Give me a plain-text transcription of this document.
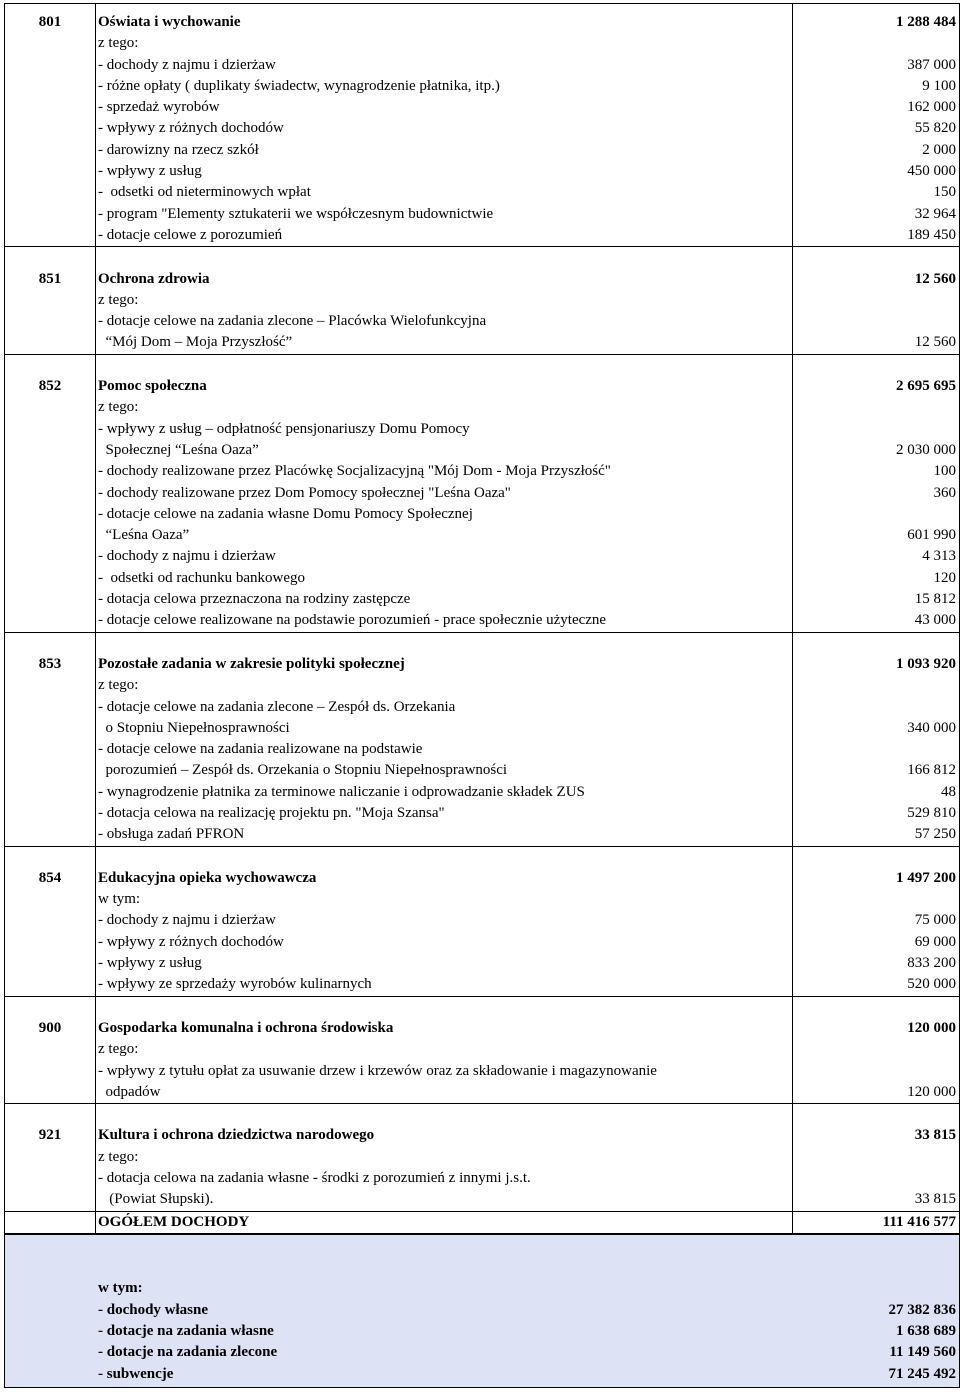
801	Oświata i wychowanie	1 288 484
z tego:
- dochody z najmu i dzierżaw	387 000
- różne opłaty ( duplikaty świadectw, wynagrodzenie płatnika, itp.)	9 100
- sprzedaż wyrobów	162 000
- wpływy z różnych dochodów	55 820
- darowizny na rzecz szkół	2 000
- wpływy z usług	450 000
-  odsetki od nieterminowych wpłat	150
- program "Elementy sztukaterii we współczesnym budownictwie	32 964
- dotacje celowe z porozumień	189 450
851	Ochrona zdrowia	12 560
z tego:
- dotacje celowe na zadania zlecone – Placówka Wielofunkcyjna
“Mój Dom – Moja Przyszłość”	12 560
852	Pomoc społeczna	2 695 695
z tego:
- wpływy z usług – odpłatność pensjonariuszy Domu Pomocy
Społecznej “Leśna Oaza”	2 030 000
- dochody realizowane przez Placówkę Socjalizacyjną "Mój Dom - Moja Przyszłość"	100
- dochody realizowane przez Dom Pomocy społecznej "Leśna Oaza"	360
- dotacje celowe na zadania własne Domu Pomocy Społecznej
“Leśna Oaza”	601 990
- dochody z najmu i dzierżaw	4 313
-  odsetki od rachunku bankowego	120
- dotacja celowa przeznaczona na rodziny zastępcze	15 812
- dotacje celowe realizowane na podstawie porozumień - prace społecznie użyteczne	43 000
853	Pozostałe zadania w zakresie polityki społecznej	1 093 920
z tego:
- dotacje celowe na zadania zlecone – Zespół ds. Orzekania
o Stopniu Niepełnosprawności	340 000
- dotacje celowe na zadania realizowane na podstawie
porozumień – Zespół ds. Orzekania o Stopniu Niepełnosprawności	166 812
- wynagrodzenie płatnika za terminowe naliczanie i odprowadzanie składek ZUS	48
- dotacja celowa na realizację projektu pn. "Moja Szansa"	529 810
- obsługa zadań PFRON	57 250
854	Edukacyjna opieka wychowawcza	1 497 200
w tym:
- dochody z najmu i dzierżaw	75 000
- wpływy z różnych dochodów	69 000
- wpływy z usług	833 200
- wpływy ze sprzedaży wyrobów kulinarnych	520 000
900	Gospodarka komunalna i ochrona środowiska	120 000
z tego:
- wpływy z tytułu opłat za usuwanie drzew i krzewów oraz za składowanie i magazynowanie
odpadów	120 000
921	Kultura i ochrona dziedzictwa narodowego	33 815
z tego:
- dotacja celowa na zadania własne - środki z porozumień z innymi j.s.t.
(Powiat Słupski).	33 815
OGÓŁEM DOCHODY	111 416 577
w tym:
- dochody własne	27 382 836
- dotacje na zadania własne	1 638 689
- dotacje na zadania zlecone	11 149 560
- subwencje	71 245 492
